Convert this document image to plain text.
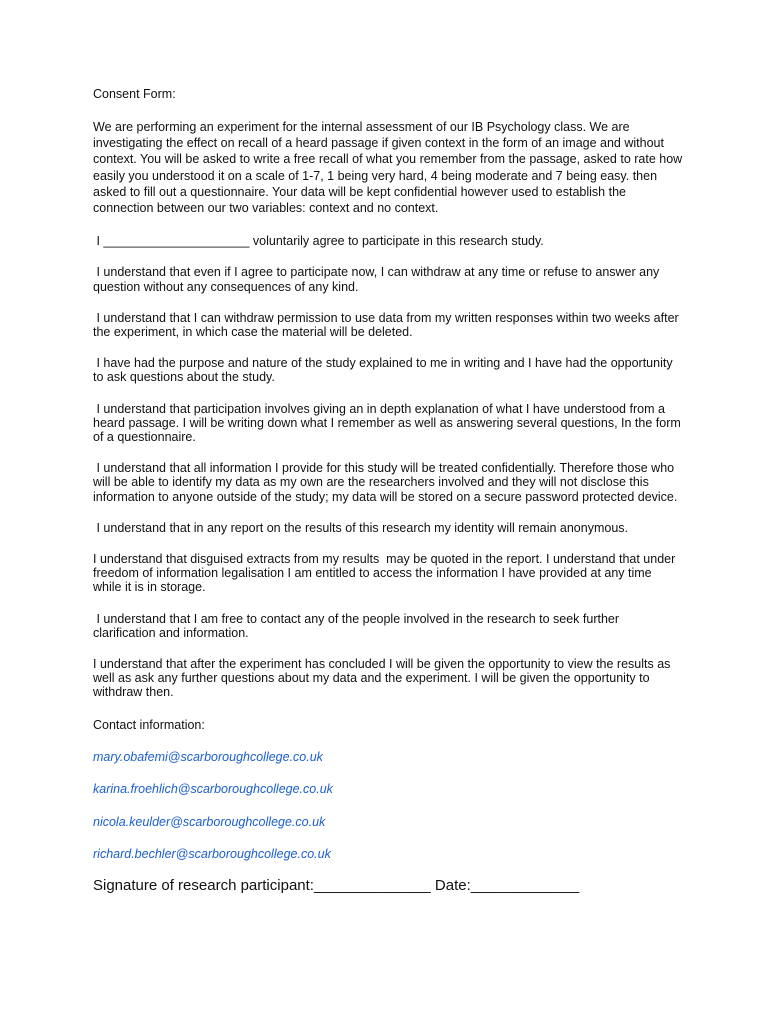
Consent Form:
We are performing an experiment for the internal assessment of our IB Psychology class. We are investigating the effect on recall of a heard passage if given context in the form of an image and without context. You will be asked to write a free recall of what you remember from the passage, asked to rate how easily you understood it on a scale of 1-7, 1 being very hard, 4 being moderate and 7 being easy. then asked to fill out a questionnaire. Your data will be kept confidential however used to establish the connection between our two variables: context and no context.
I _____________________ voluntarily agree to participate in this research study.
I understand that even if I agree to participate now, I can withdraw at any time or refuse to answer any question without any consequences of any kind.
I understand that I can withdraw permission to use data from my written responses within two weeks after the experiment, in which case the material will be deleted.
I have had the purpose and nature of the study explained to me in writing and I have had the opportunity to ask questions about the study.
I understand that participation involves giving an in depth explanation of what I have understood from a heard passage. I will be writing down what I remember as well as answering several questions, In the form of a questionnaire.
I understand that all information I provide for this study will be treated confidentially. Therefore those who will be able to identify my data as my own are the researchers involved and they will not disclose this information to anyone outside of the study; my data will be stored on a secure password protected device.
I understand that in any report on the results of this research my identity will remain anonymous.
I understand that disguised extracts from my results  may be quoted in the report. I understand that under freedom of information legalisation I am entitled to access the information I have provided at any time while it is in storage.
I understand that I am free to contact any of the people involved in the research to seek further clarification and information.
I understand that after the experiment has concluded I will be given the opportunity to view the results as well as ask any further questions about my data and the experiment. I will be given the opportunity to withdraw then.
Contact information:
mary.obafemi@scarboroughcollege.co.uk
karina.froehlich@scarboroughcollege.co.uk
nicola.keulder@scarboroughcollege.co.uk
richard.bechler@scarboroughcollege.co.uk
Signature of research participant:______________ Date:_____________
